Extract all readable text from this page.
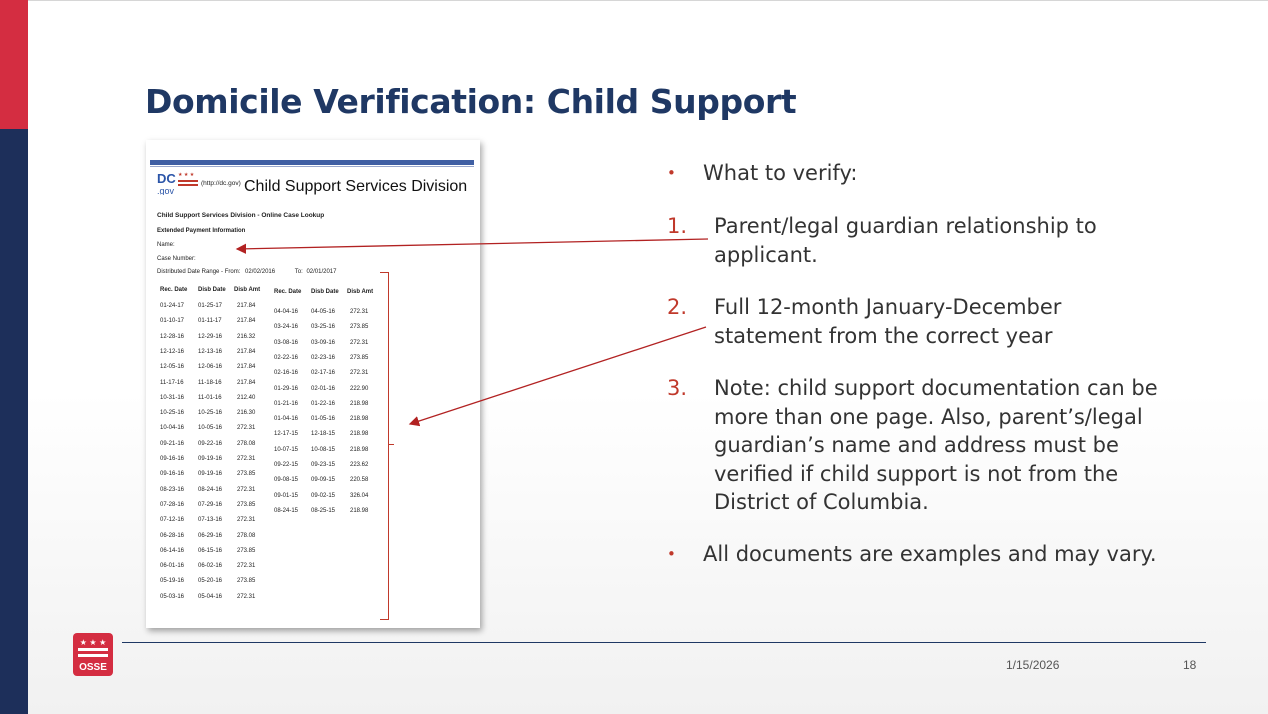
Domicile Verification: Child Support
DC
.gov
★ ★ ★
(http://dc.gov) Child Support Services Division
Child Support Services Division - Online Case Lookup
Extended Payment Information
Name:
Case Number:
Distributed Date Range - From: 02/02/2016	To: 02/01/2017
Rec. Date Disb Date Disb Amt
01-24-17 01-25-17 217.84
01-10-17 01-11-17	217.84
12-28-16 12-29-16 216.32
12-12-16 12-13-16 217.84
12-05-16 12-06-16 217.84
11-17-16 11-18-16	217.84
10-31-16 11-01-16	212.40
10-25-16 10-25-16 216.30
10-04-16 10-05-16 272.31
09-21-16 09-22-16 278.08
09-16-16 09-19-16 272.31
09-16-16 09-19-16 273.85
08-23-16 08-24-16 272.31
07-28-16 07-29-16 273.85
07-12-16 07-13-16 272.31
06-28-16 06-29-16 278.08
06-14-16 06-15-16 273.85
06-01-16 06-02-16 272.31
05-19-16 05-20-16 273.85
05-03-16 05-04-16 272.31
Rec. Date Disb Date Disb Amt
04-04-16 04-05-16 272.31
03-24-16 03-25-16 273.85
03-08-16 03-09-16 272.31
02-22-16 02-23-16 273.85
02-16-16 02-17-16 272.31
01-29-16 02-01-16 222.90
01-21-16 01-22-16 218.98
01-04-16 01-05-16 218.98
12-17-15 12-18-15 218.98
10-07-15 10-08-15 218.98
09-22-15 09-23-15 223.62
09-08-15 09-09-15 220.58
09-01-15 09-02-15 326.04
08-24-15 08-25-15 218.98
• What to verify:
1. Parent/legal guardian relationship to
applicant.
2. Full 12-month January-December
statement from the correct year
3. Note: child support documentation can be
more than one page. Also, parent’s/legal
guardian’s name and address must be
verified if child support is not from the
District of Columbia.
• All documents are examples and may vary.
★ ★ ★
OSSE	1/15/2026	18
